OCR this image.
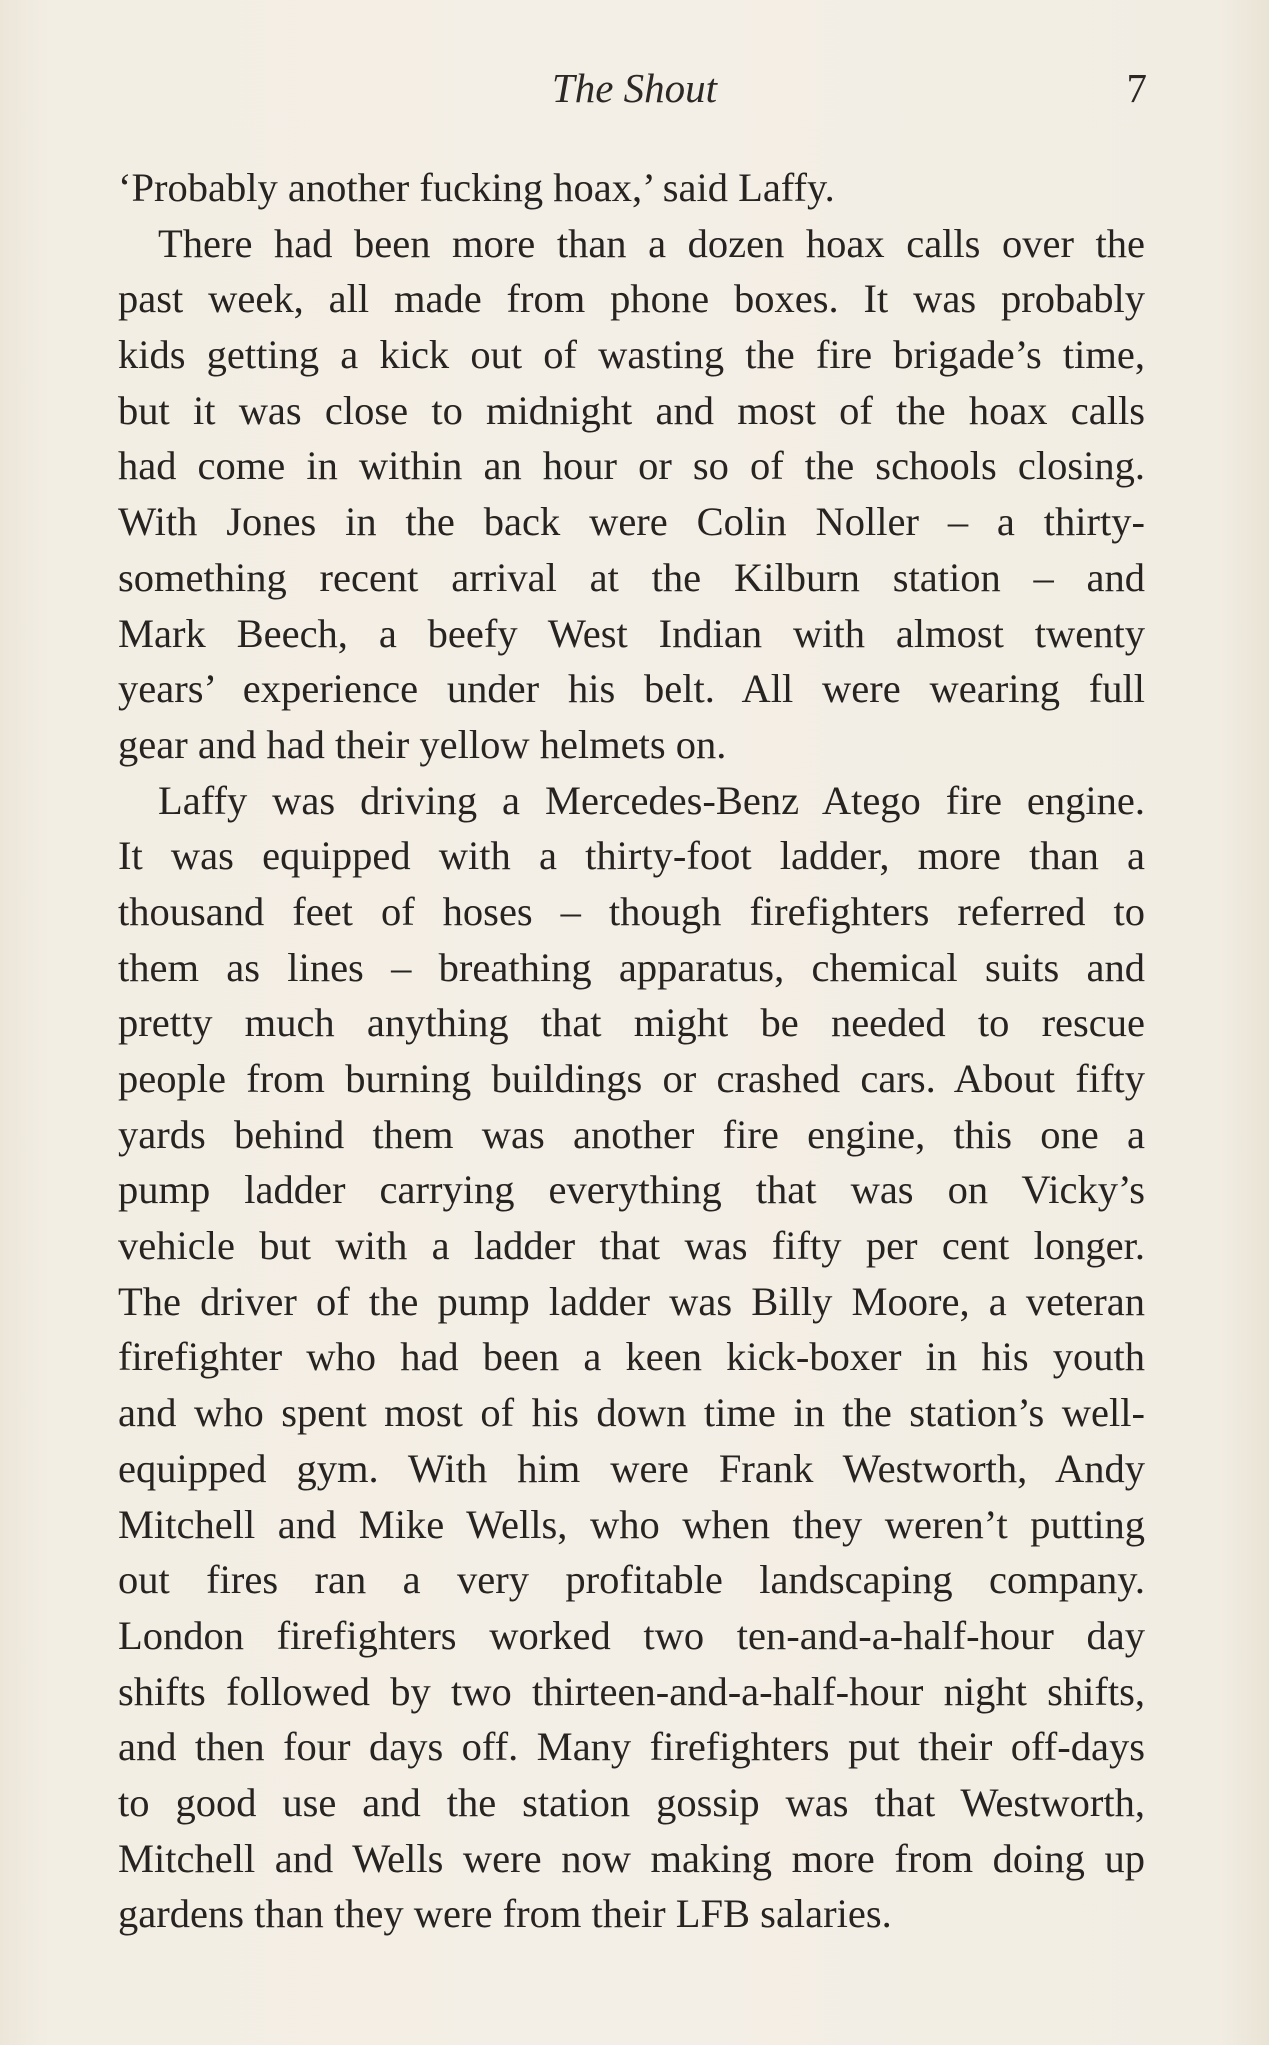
The Shout	7
‘Probably another fucking hoax,’ said Laffy.
There had been more than a dozen hoax calls over the
past week, all made from phone boxes. It was probably
kids getting a kick out of wasting the fire brigade’s time,
but it was close to midnight and most of the hoax calls
had come in within an hour or so of the schools closing.
With Jones in the back were Colin Noller – a thirty-
something recent arrival at the Kilburn station – and
Mark Beech, a beefy West Indian with almost twenty
years’ experience under his belt. All were wearing full
gear and had their yellow helmets on.
Laffy was driving a Mercedes-Benz Atego fire engine.
It was equipped with a thirty-foot ladder, more than a
thousand feet of hoses – though firefighters referred to
them as lines – breathing apparatus, chemical suits and
pretty much anything that might be needed to rescue
people from burning buildings or crashed cars. About fifty
yards behind them was another fire engine, this one a
pump ladder carrying everything that was on Vicky’s
vehicle but with a ladder that was fifty per cent longer.
The driver of the pump ladder was Billy Moore, a veteran
firefighter who had been a keen kick-boxer in his youth
and who spent most of his down time in the station’s well-
equipped gym. With him were Frank Westworth, Andy
Mitchell and Mike Wells, who when they weren’t putting
out fires ran a very profitable landscaping company.
London firefighters worked two ten-and-a-half-hour day
shifts followed by two thirteen-and-a-half-hour night shifts,
and then four days off. Many firefighters put their off-days
to good use and the station gossip was that Westworth,
Mitchell and Wells were now making more from doing up
gardens than they were from their LFB salaries.
